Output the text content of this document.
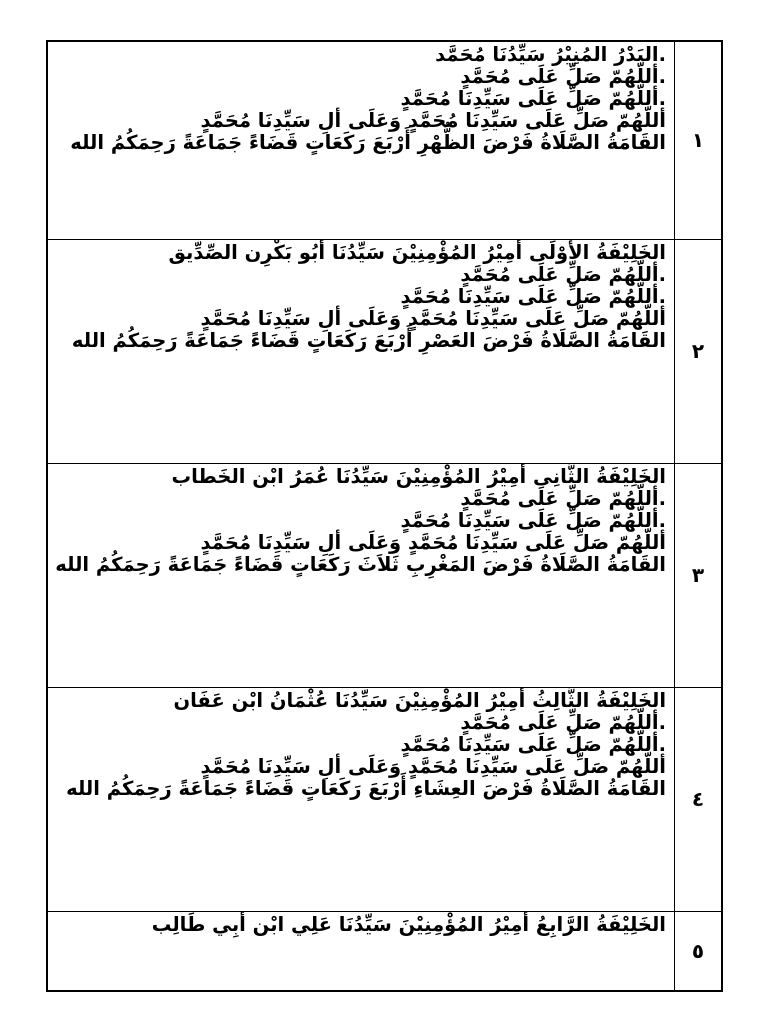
١	.البَدْرُ المُنِيْرُ سَيِّدُنَا مُحَمَّد
.أللّهُمّ صَلِّ عَلَى مُحَمَّدٍ
.أللّهُمّ صَلِّ عَلَى سَيِّدِنَا مُحَمَّدٍ
أللّهُمّ صَلِّ عَلَى سَيِّدِنَا مُحَمَّدٍ وَعَلَى ألِ سَيِّدِنَا مُحَمَّدٍ
القَامَةُ الصَّلَاةُ فَرْضَ الظُّهْرِ أَرْبَعَ رَكَعَاتٍ قَضَاءً جَمَاعَةً رَحِمَكُمُ الله

٢	الخَلِيْفَةُ الأُوْلَى أَمِيْرُ المُؤْمِنِيْنَ سَيِّدُنَا أَبُو بَكْرِن الصِّدِّيق
.أللّهُمّ صَلِّ عَلَى مُحَمَّدٍ
.أللّهُمّ صَلِّ عَلَى سَيِّدِنَا مُحَمَّدٍ
أللّهُمّ صَلِّ عَلَى سَيِّدِنَا مُحَمَّدٍ وَعَلَى ألِ سَيِّدِنَا مُحَمَّدٍ
القَامَةُ الصَّلَاةُ فَرْضَ العَصْرِ أَرْبَعَ رَكَعَاتٍ قَضَاءً جَمَاعَةً رَحِمَكُمُ الله

٣	الخَلِيْفَةُ الثَّانِى أَمِيْرُ المُؤْمِنِيْنَ سَيِّدُنَا عُمَرُ ابْن الخَطاب
.أللّهُمّ صَلِّ عَلَى مُحَمَّدٍ
.أللّهُمّ صَلِّ عَلَى سَيِّدِنَا مُحَمَّدٍ
أللّهُمّ صَلِّ عَلَى سَيِّدِنَا مُحَمَّدٍ وَعَلَى ألِ سَيِّدِنَا مُحَمَّدٍ
القَامَةُ الصَّلَاةُ فَرْضَ المَغْرِبِ ثَلاَثَ رَكَعَاتٍ قَضَاءً جَمَاعَةً رَحِمَكُمُ الله

٤	الخَلِيْفَةُ الثَّالِثُ أَمِيْرُ المُؤْمِنِيْنَ سَيِّدُنَا عُثْمَانُ ابْن عَفَان
.أللّهُمّ صَلِّ عَلَى مُحَمَّدٍ
.أللّهُمّ صَلِّ عَلَى سَيِّدِنَا مُحَمَّدٍ
أللّهُمّ صَلِّ عَلَى سَيِّدِنَا مُحَمَّدٍ وَعَلَى ألِ سَيِّدِنَا مُحَمَّدٍ
القَامَةُ الصَّلَاةُ فَرْضَ العِشَاءِ أَرْبَعَ رَكَعَاتٍ قَضَاءً جَمَاعَةً رَحِمَكُمُ الله

٥	الخَلِيْفَةُ الرَّابِعُ أَمِيْرُ المُؤْمِنِيْنَ سَيِّدُنَا عَلِي ابْن أَبِي طَالِب
